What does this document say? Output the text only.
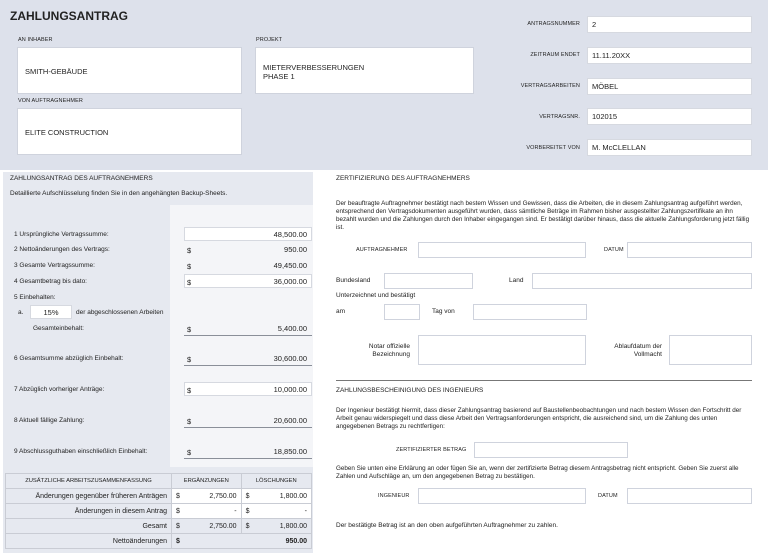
ZAHLUNGSANTRAG
AN INHABER
SMITH-GEBÄUDE
PROJEKT
MIETERVERBESSERUNGEN
PHASE 1
VON AUFTRAGNEHMER
ELITE CONSTRUCTION
ANTRAGSNUMMER 2
ZEITRAUM ENDET 11.11.20XX
VERTRAGSARBEITEN MÖBEL
VERTRAGSNR. 102015
VORBEREITET VON M. McCLELLAN
ZAHLUNGSANTRAG DES AUFTRAGNEHMERS
Detaillierte Aufschlüsselung finden Sie in den angehängten Backup-Sheets.
1 Ursprüngliche Vertragssumme:	48,500.00
2 Nettoänderungen des Vertrags:	950.00
$
3 Gesamte Vertragssumme:	49,450.00
$
4 Gesamtbetrag bis dato:	36,000.00
$
5 Einbehalten:
a.	15%	der abgeschlossenen Arbeiten
Gesamteinbehalt:	5,400.00
$
6 Gesamtsumme abzüglich Einbehalt:	30,600.00
$
7 Abzüglich vorheriger Anträge:	10,000.00
$
8 Aktuell fällige Zahlung:	20,600.00
$
9 Abschlussguthaben einschließlich Einbehalt:	18,850.00
$
ZUSÄTZLICHE ARBEITSZUSAMMENFASSUNG	ERGÄNZUNGEN		LÖSCHUNGEN	
Änderungen gegenüber früheren Anträgen	$	2,750.00	$	1,800.00
Änderungen in diesem Antrag	$	-	$	-
Gesamt	$	2,750.00	$	1,800.00
Nettoänderungen	$	950.00		
ZERTIFIZIERUNG DES AUFTRAGNEHMERS
Der beauftragte Auftragnehmer bestätigt nach bestem Wissen und Gewissen, dass die Arbeiten, die in diesem Zahlungsantrag aufgeführt werden, entsprechend den Vertragsdokumenten ausgeführt wurden, dass sämtliche Beträge im Rahmen bisher ausgestellter Zahlungszertifikate an ihn bezahlt wurden und die Zahlungen durch den Inhaber eingegangen sind. Er bestätigt darüber hinaus, dass die aktuelle Zahlungsforderung jetzt fällig ist.
AUFTRAGNEHMER	DATUM
Bundesland	Land
Unterzeichnet und bestätigt
am	Tag von
Notar offizielle
Bezeichnung
Ablaufdatum der
Vollmacht
ZAHLUNGSBESCHEINIGUNG DES INGENIEURS
Der Ingenieur bestätigt hiermit, dass dieser Zahlungsantrag basierend auf Baustellenbeobachtungen und nach bestem Wissen den Fortschritt der Arbeit genau widerspiegelt und dass diese Arbeit den Vertragsanforderungen entspricht, die ausreichend sind, um die Zahlung des unten angegebenen Betrags zu rechtfertigen:
ZERTIFIZIERTER BETRAG
Geben Sie unten eine Erklärung an oder fügen Sie an, wenn der zertifizierte Betrag diesem Antragsbetrag nicht entspricht. Geben Sie zuerst alle Zahlen und Aufschläge an, um den angegebenen Betrag zu bestätigen.
INGENIEUR	DATUM
Der bestätigte Betrag ist an den oben aufgeführten Auftragnehmer zu zahlen.
